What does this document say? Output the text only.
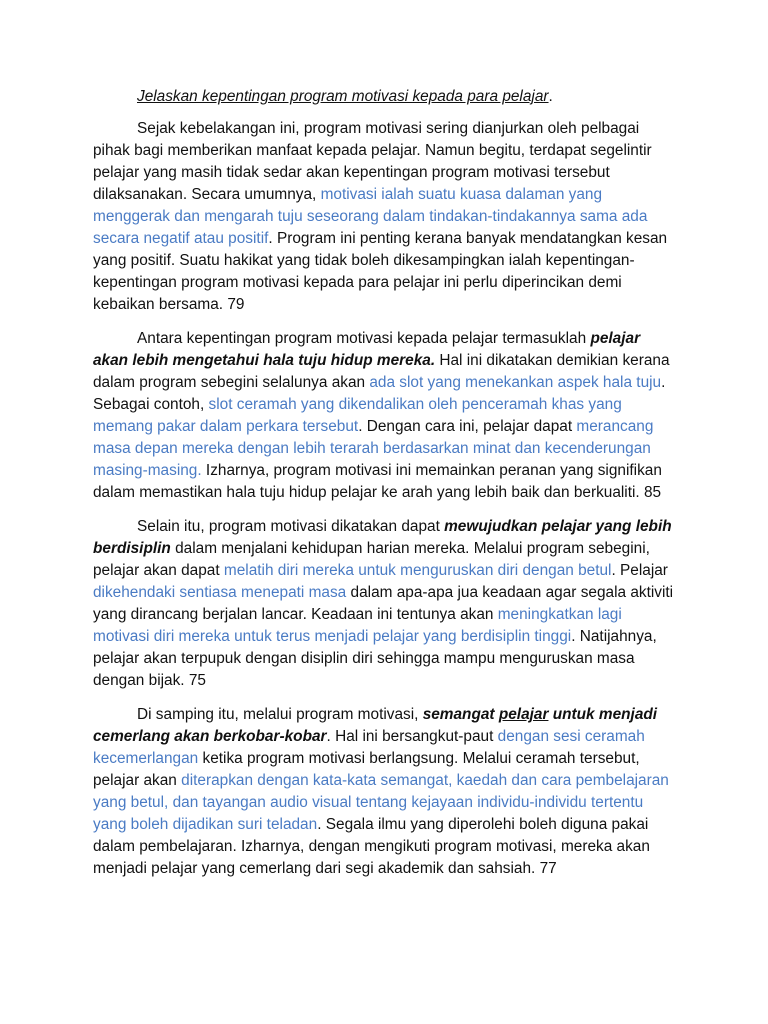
Jelaskan kepentingan program motivasi kepada para pelajar.

Sejak kebelakangan ini, program motivasi sering dianjurkan oleh pelbagai pihak bagi memberikan manfaat kepada pelajar. Namun begitu, terdapat segelintir pelajar yang masih tidak sedar akan kepentingan program motivasi tersebut dilaksanakan. Secara umumnya, motivasi ialah suatu kuasa dalaman yang menggerak dan mengarah tuju seseorang dalam tindakan-tindakannya sama ada secara negatif atau positif. Program ini penting kerana banyak mendatangkan kesan yang positif. Suatu hakikat yang tidak boleh dikesampingkan ialah kepentingan-kepentingan program motivasi kepada para pelajar ini perlu diperincikan demi kebaikan bersama. 79

Antara kepentingan program motivasi kepada pelajar termasuklah pelajar akan lebih mengetahui hala tuju hidup mereka. Hal ini dikatakan demikian kerana dalam program sebegini selalunya akan ada slot yang menekankan aspek hala tuju. Sebagai contoh, slot ceramah yang dikendalikan oleh penceramah khas yang memang pakar dalam perkara tersebut. Dengan cara ini, pelajar dapat merancang masa depan mereka dengan lebih terarah berdasarkan minat dan kecenderungan masing-masing. Izharnya, program motivasi ini memainkan peranan yang signifikan dalam memastikan hala tuju hidup pelajar ke arah yang lebih baik dan berkualiti. 85

Selain itu, program motivasi dikatakan dapat mewujudkan pelajar yang lebih berdisiplin dalam menjalani kehidupan harian mereka. Melalui program sebegini, pelajar akan dapat melatih diri mereka untuk menguruskan diri dengan betul. Pelajar dikehendaki sentiasa menepati masa dalam apa-apa jua keadaan agar segala aktiviti yang dirancang berjalan lancar. Keadaan ini tentunya akan meningkatkan lagi motivasi diri mereka untuk terus menjadi pelajar yang berdisiplin tinggi. Natijahnya, pelajar akan terpupuk dengan disiplin diri sehingga mampu menguruskan masa dengan bijak. 75

Di samping itu, melalui program motivasi, semangat pelajar untuk menjadi cemerlang akan berkobar-kobar. Hal ini bersangkut-paut dengan sesi ceramah kecemerlangan ketika program motivasi berlangsung. Melalui ceramah tersebut, pelajar akan diterapkan dengan kata-kata semangat, kaedah dan cara pembelajaran yang betul, dan tayangan audio visual tentang kejayaan individu-individu tertentu yang boleh dijadikan suri teladan. Segala ilmu yang diperolehi boleh diguna pakai dalam pembelajaran. Izharnya, dengan mengikuti program motivasi, mereka akan menjadi pelajar yang cemerlang dari segi akademik dan sahsiah. 77
